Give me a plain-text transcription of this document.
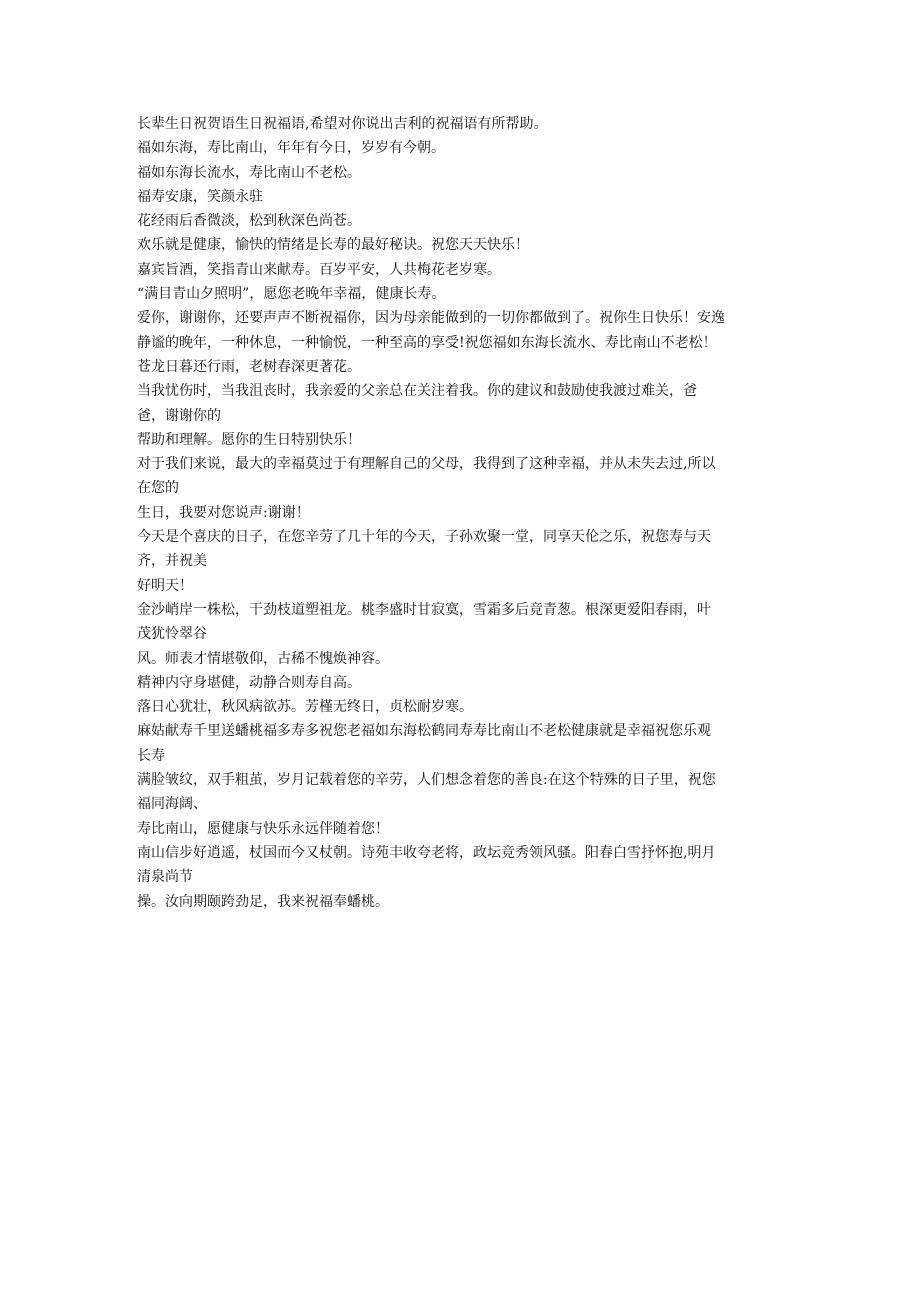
长辈生日祝贺语生日祝福语,希望对你说出吉利的祝福语有所帮助。

福如东海，寿比南山，年年有今日，岁岁有今朝。

福如东海长流水，寿比南山不老松。

福寿安康，笑颜永驻

花经雨后香微淡，松到秋深色尚苍。

欢乐就是健康，愉快的情绪是长寿的最好秘诀。祝您天天快乐！

嘉宾旨酒，笑指青山来献寿。百岁平安，人共梅花老岁寒。

“满目青山夕照明”，愿您老晚年幸福，健康长寿。

爱你，谢谢你，还要声声不断祝福你，因为母亲能做到的一切你都做到了。祝你生日快乐！安逸

静谧的晚年，一种休息，一种愉悦，一种至高的享受!祝您福如东海长流水、寿比南山不老松！

苍龙日暮还行雨，老树春深更著花。

当我忧伤时，当我沮丧时，我亲爱的父亲总在关注着我。你的建议和鼓励使我渡过难关，爸

爸，谢谢你的

帮助和理解。愿你的生日特别快乐！

对于我们来说，最大的幸福莫过于有理解自己的父母，我得到了这种幸福，并从未失去过,所以

在您的

生日，我要对您说声:谢谢！

今天是个喜庆的日子，在您辛劳了几十年的今天，子孙欢聚一堂，同享天伦之乐，祝您寿与天

齐，并祝美

好明天！

金沙峭岸一株松，干劲枝道塑祖龙。桃李盛时甘寂寞，雪霜多后竞青葱。根深更爱阳春雨，叶

茂犹怜翠谷

风。师表才情堪敬仰，古稀不愧焕神容。

精神内守身堪健，动静合则寿自高。

落日心犹壮，秋风病欲苏。芳槿无终日，贞松耐岁寒。

麻姑献寿千里送蟠桃福多寿多祝您老福如东海松鹤同寿寿比南山不老松健康就是幸福祝您乐观

长寿

满脸皱纹，双手粗茧，岁月记载着您的辛劳，人们想念着您的善良:在这个特殊的日子里，祝您

福同海阔、

寿比南山，愿健康与快乐永远伴随着您！

南山信步好逍遥，杖国而今又杖朝。诗苑丰收夸老将，政坛竞秀领风骚。阳春白雪抒怀抱,明月

清泉尚节

操。汝向期颐跨劲足，我来祝福奉蟠桃。
